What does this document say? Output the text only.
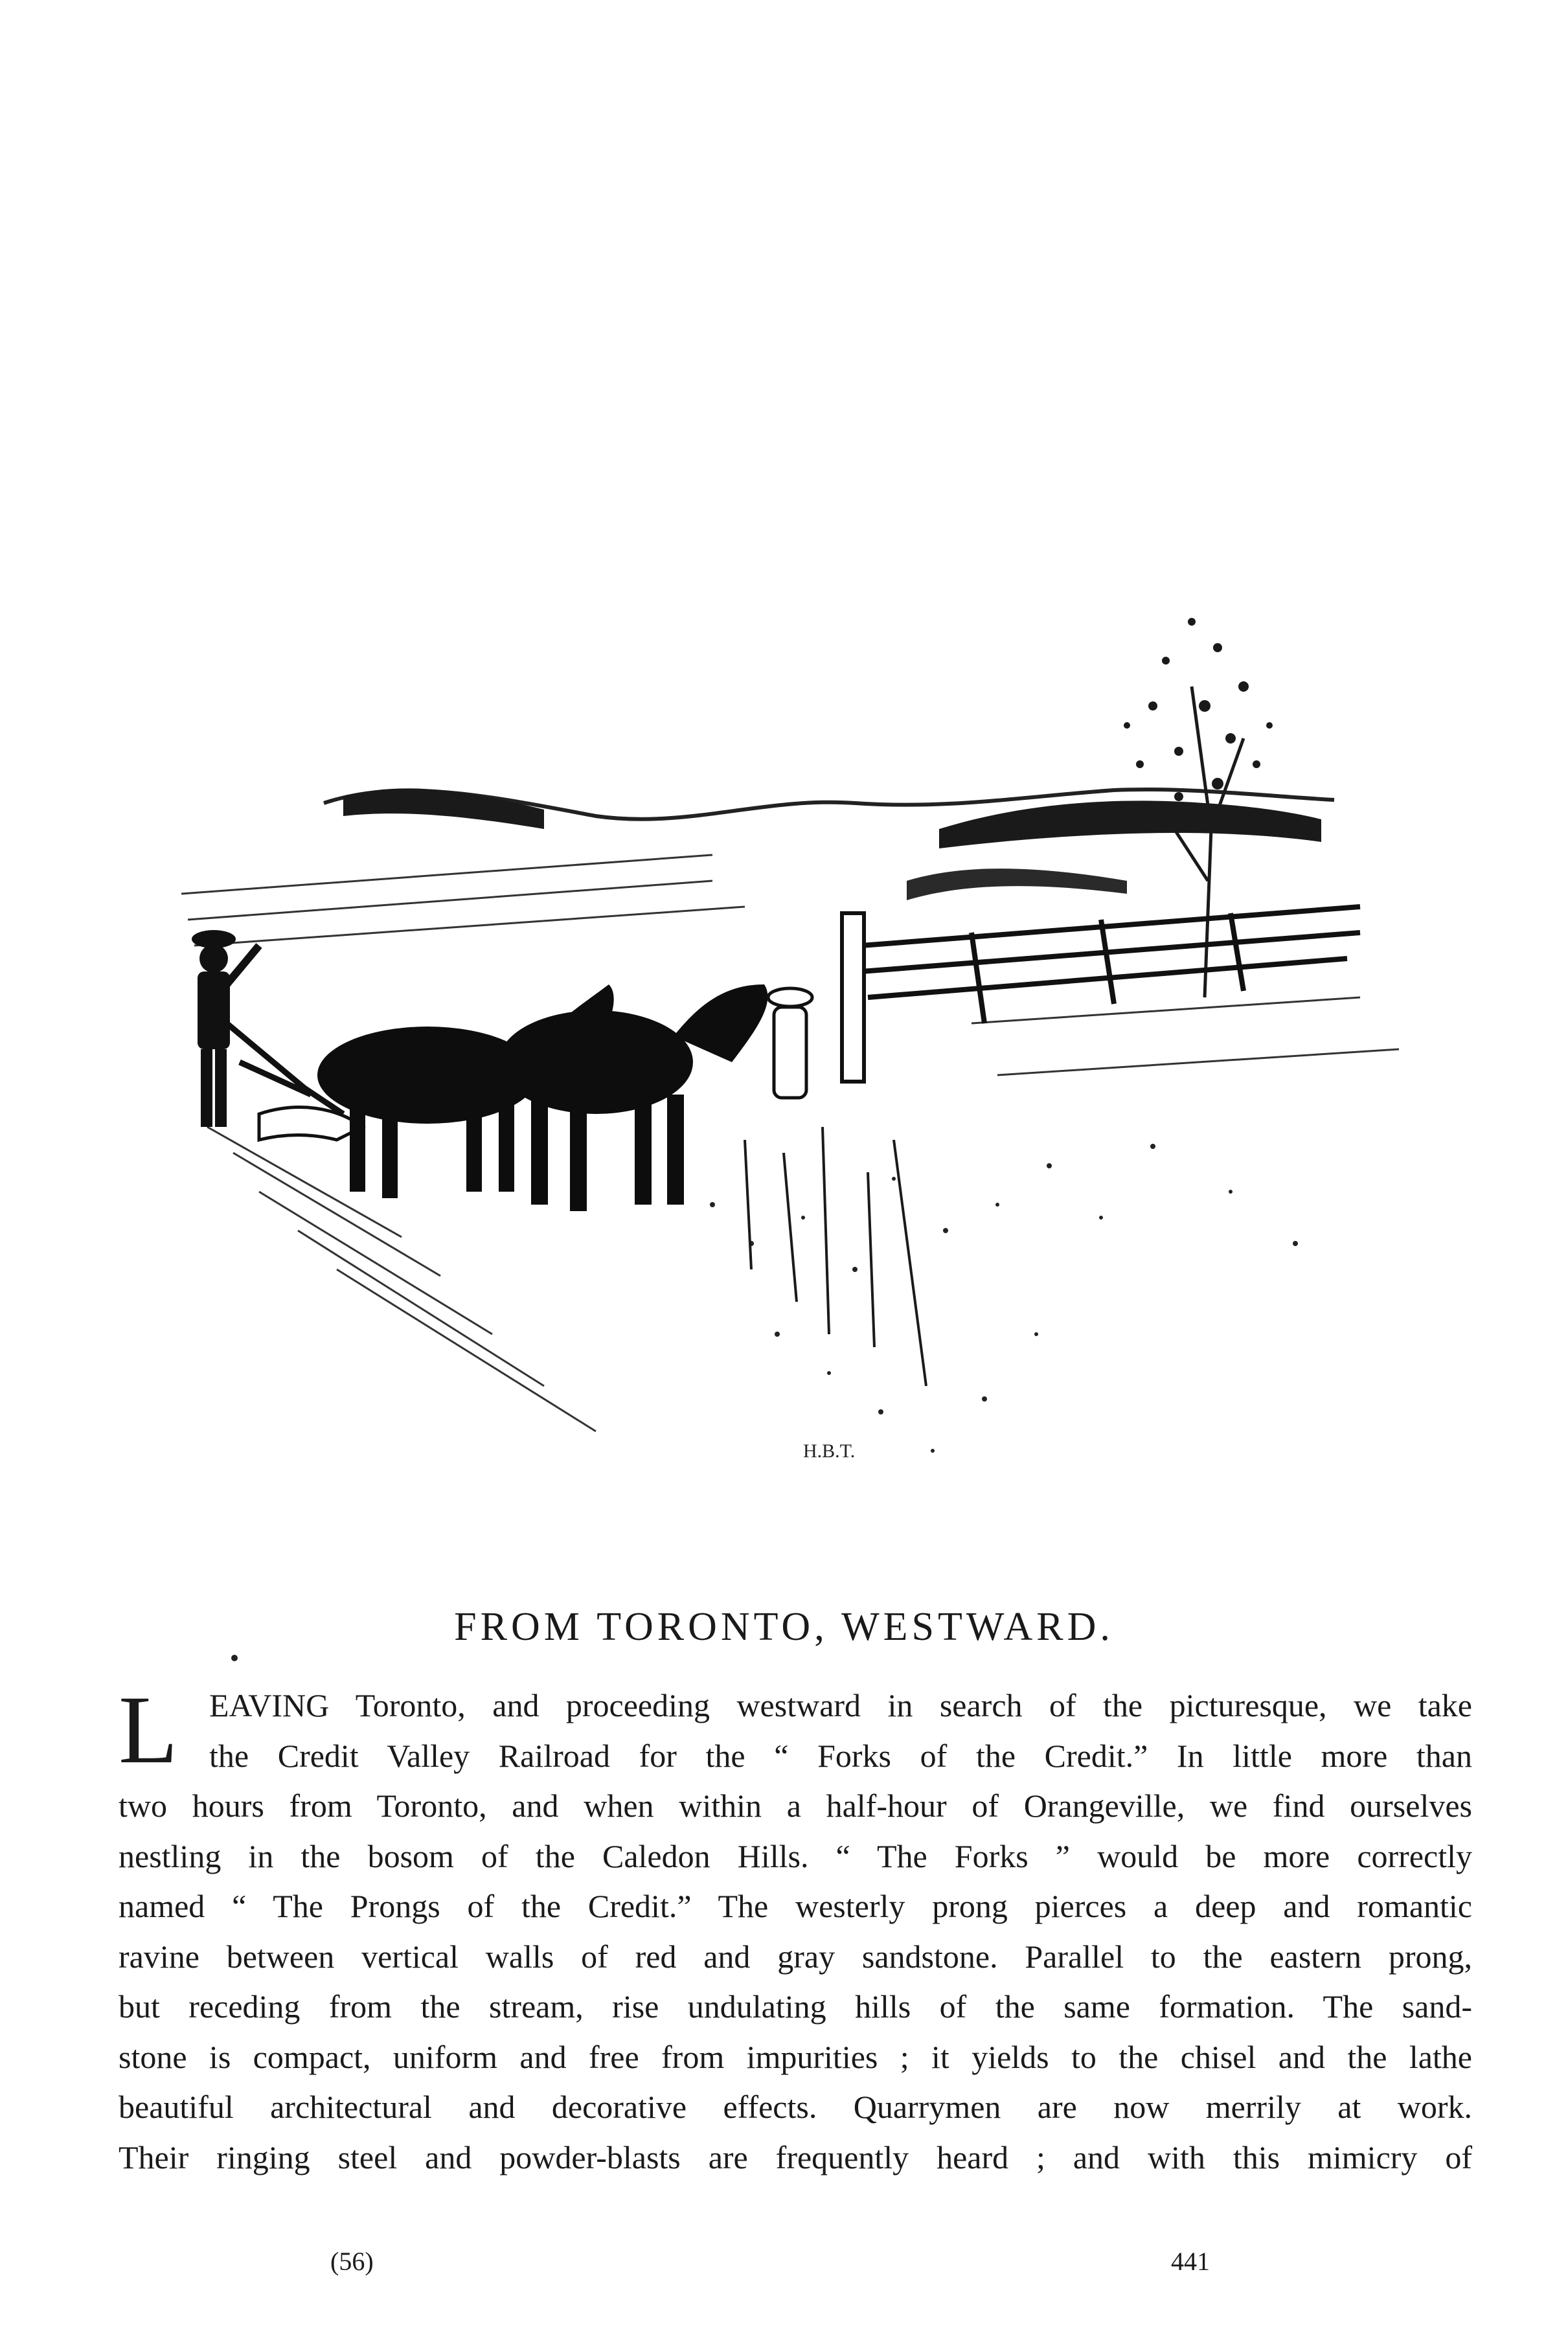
H.B.T.
FROM TORONTO, WESTWARD.
L EAVING Toronto, and proceeding westward in search of the picturesque, we take
the Credit Valley Railroad for the “ Forks of the Credit.” In little more than
two hours from Toronto, and when within a half-hour of Orangeville, we find ourselves
nestling in the bosom of the Caledon Hills. “ The Forks ” would be more correctly
named “ The Prongs of the Credit.” The westerly prong pierces a deep and romantic
ravine between vertical walls of red and gray sandstone. Parallel to the eastern prong,
but receding from the stream, rise undulating hills of the same formation. The sand-
stone is compact, uniform and free from impurities ; it yields to the chisel and the lathe
beautiful architectural and decorative effects. Quarrymen are now merrily at work.
Their ringing steel and powder-blasts are frequently heard ; and with this mimicry of
(56)	441
